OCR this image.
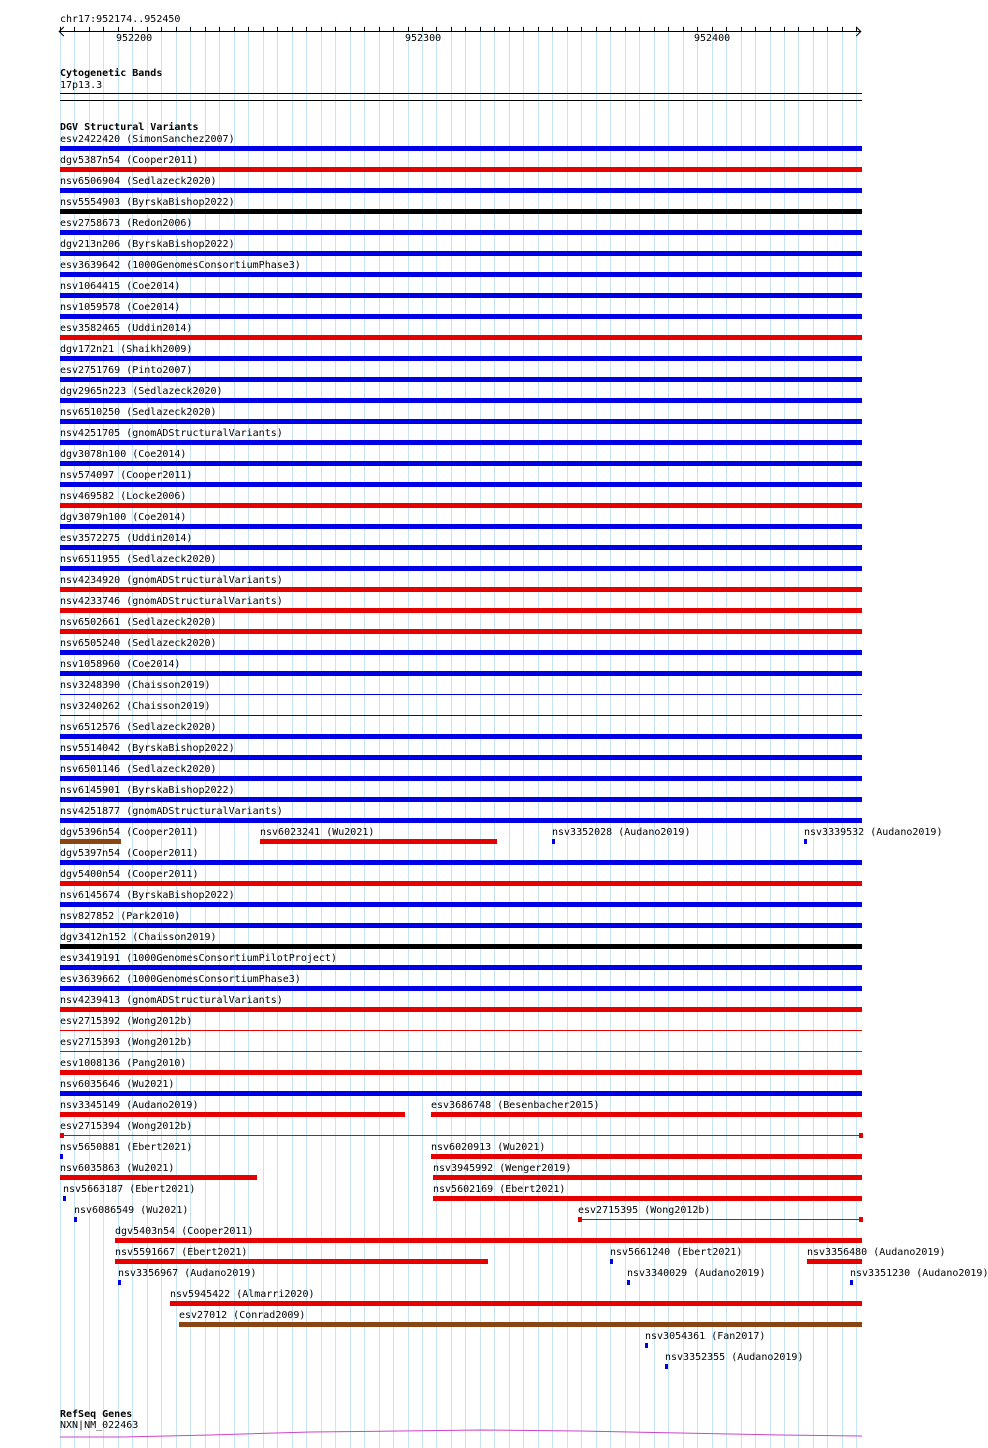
chr17:952174..952450
952200	952300	952400
Cytogenetic Bands
17p13.3
DGV Structural Variants
esv2422420 (SimonSanchez2007)
dgv5387n54 (Cooper2011)
nsv6506904 (Sedlazeck2020)
nsv5554903 (ByrskaBishop2022)
esv2758673 (Redon2006)
dgv213n206 (ByrskaBishop2022)
esv3639642 (1000GenomesConsortiumPhase3)
nsv1064415 (Coe2014)
nsv1059578 (Coe2014)
esv3582465 (Uddin2014)
dgv172n21 (Shaikh2009)
esv2751769 (Pinto2007)
dgv2965n223 (Sedlazeck2020)
nsv6510250 (Sedlazeck2020)
nsv4251705 (gnomADStructuralVariants)
dgv3078n100 (Coe2014)
nsv574097 (Cooper2011)
nsv469582 (Locke2006)
dgv3079n100 (Coe2014)
esv3572275 (Uddin2014)
nsv6511955 (Sedlazeck2020)
nsv4234920 (gnomADStructuralVariants)
nsv4233746 (gnomADStructuralVariants)
nsv6502661 (Sedlazeck2020)
nsv6505240 (Sedlazeck2020)
nsv1058960 (Coe2014)
nsv3248390 (Chaisson2019)
nsv3240262 (Chaisson2019)
nsv6512576 (Sedlazeck2020)
nsv5514042 (ByrskaBishop2022)
nsv6501146 (Sedlazeck2020)
nsv6145901 (ByrskaBishop2022)
nsv4251877 (gnomADStructuralVariants)
dgv5396n54 (Cooper2011)	nsv6023241 (Wu2021)	nsv3352028 (Audano2019)	nsv3339532 (Audano2019)
dgv5397n54 (Cooper2011)
dgv5400n54 (Cooper2011)
nsv6145674 (ByrskaBishop2022)
nsv827852 (Park2010)
dgv3412n152 (Chaisson2019)
esv3419191 (1000GenomesConsortiumPilotProject)
esv3639662 (1000GenomesConsortiumPhase3)
nsv4239413 (gnomADStructuralVariants)
esv2715392 (Wong2012b)
esv2715393 (Wong2012b)
esv1008136 (Pang2010)
nsv6035646 (Wu2021)
nsv3345149 (Audano2019)	esv3686748 (Besenbacher2015)
esv2715394 (Wong2012b)
nsv5650881 (Ebert2021)	nsv6020913 (Wu2021)
nsv6035863 (Wu2021)	nsv3945992 (Wenger2019)
nsv5663187 (Ebert2021)	nsv5602169 (Ebert2021)
nsv6086549 (Wu2021)	esv2715395 (Wong2012b)
dgv5403n54 (Cooper2011)
nsv5591667 (Ebert2021)	nsv5661240 (Ebert2021)	nsv3356480 (Audano2019)
nsv3356967 (Audano2019)	nsv3340029 (Audano2019)	nsv3351230 (Audano2019)
nsv5945422 (Almarri2020)
esv27012 (Conrad2009)
nsv3054361 (Fan2017)
nsv3352355 (Audano2019)
RefSeq Genes
NXN|NM_022463
